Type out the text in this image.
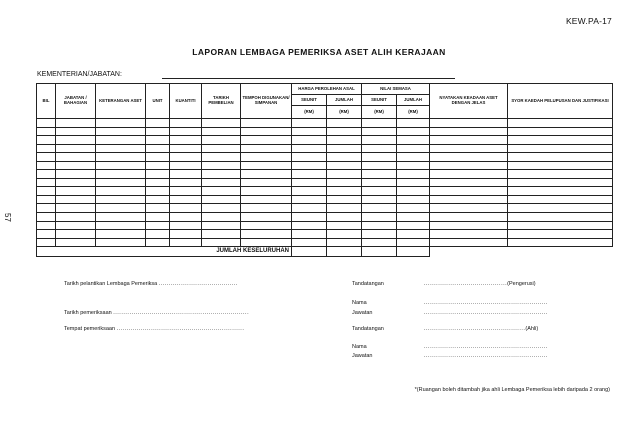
KEW.PA-17
LAPORAN LEMBAGA PEMERIKSA ASET ALIH KERAJAAN
KEMENTERIAN/JABATAN:
57
BIL	JABATAN / BAHAGIAN	KETERANGAN ASET	UNIT	KUANTITI	TARIKH PEMBELIAN	TEMPOH DIGUNAKAN/ SIMPANAN	HARGA PEROLEHAN ASAL		NILAI SEMASA		NYATAKAN KEADAAN ASET DENGAN JELAS	SYOR KAEDAH PELUPUSAN DAN JUSTIFIKASI
							SEUNIT	JUMLAH	SEUNIT	JUMLAH		
							(RM)	(RM)	(RM)	(RM)		

JUMLAH KESELURUHAN												
Tarikh pelantikan Lembaga Pemeriksa .......................................
Tarikh pemeriksaan ...................................................................
Tempat pemeriksaan ...............................................................
Tandatangan	.........................................(Pengerusi)
Nama	.............................................................
Jawatan	.............................................................
Tandatangan	..................................................(Ahli)
Nama	.............................................................
Jawatan	.............................................................
*(Ruangan boleh ditambah jika ahli Lembaga Pemeriksa lebih daripada 2 orang)
